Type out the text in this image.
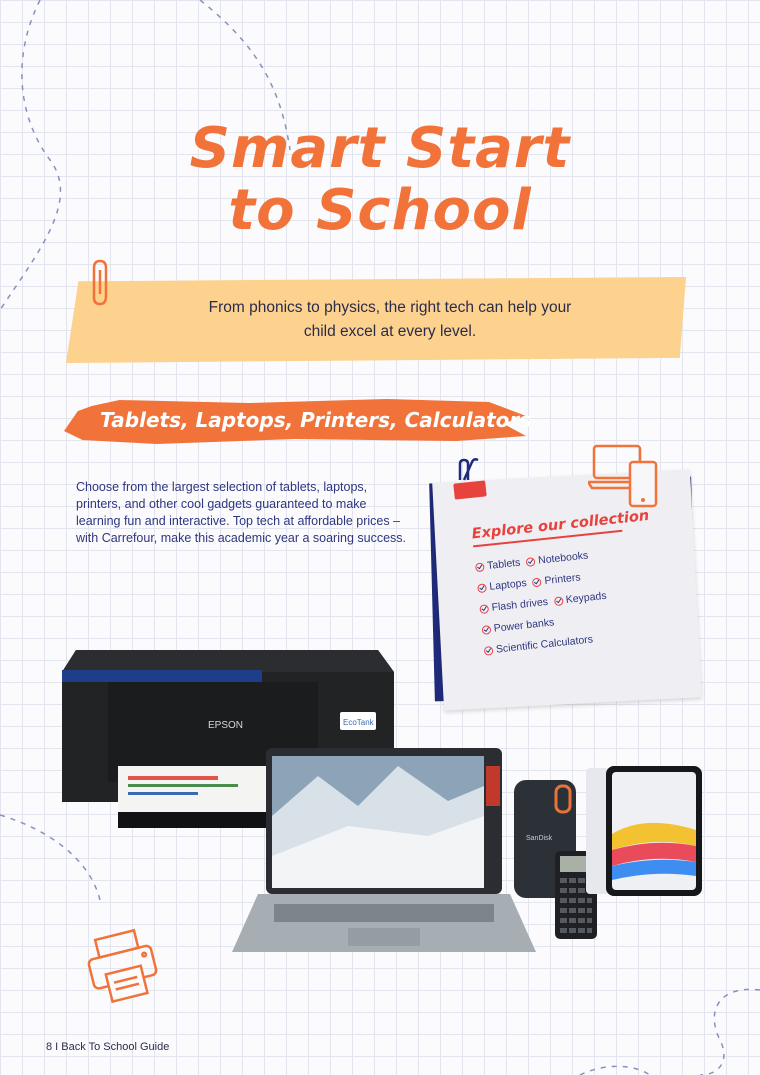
Smart Start
to School
From phonics to physics, the right tech can help your
child excel at every level.
Tablets, Laptops, Printers, Calculators
Choose from the largest selection of tablets, laptops, printers, and other cool gadgets guaranteed to make learning fun and interactive. Top tech at affordable prices – with Carrefour, make this academic year a soaring success.	Explore our collection
Tablets Notebooks
Laptops Printers
Flash drives Keypads
Power banks
Scientific Calculators
EPSON	EcoTank
SanDisk
8 I Back To School Guide
